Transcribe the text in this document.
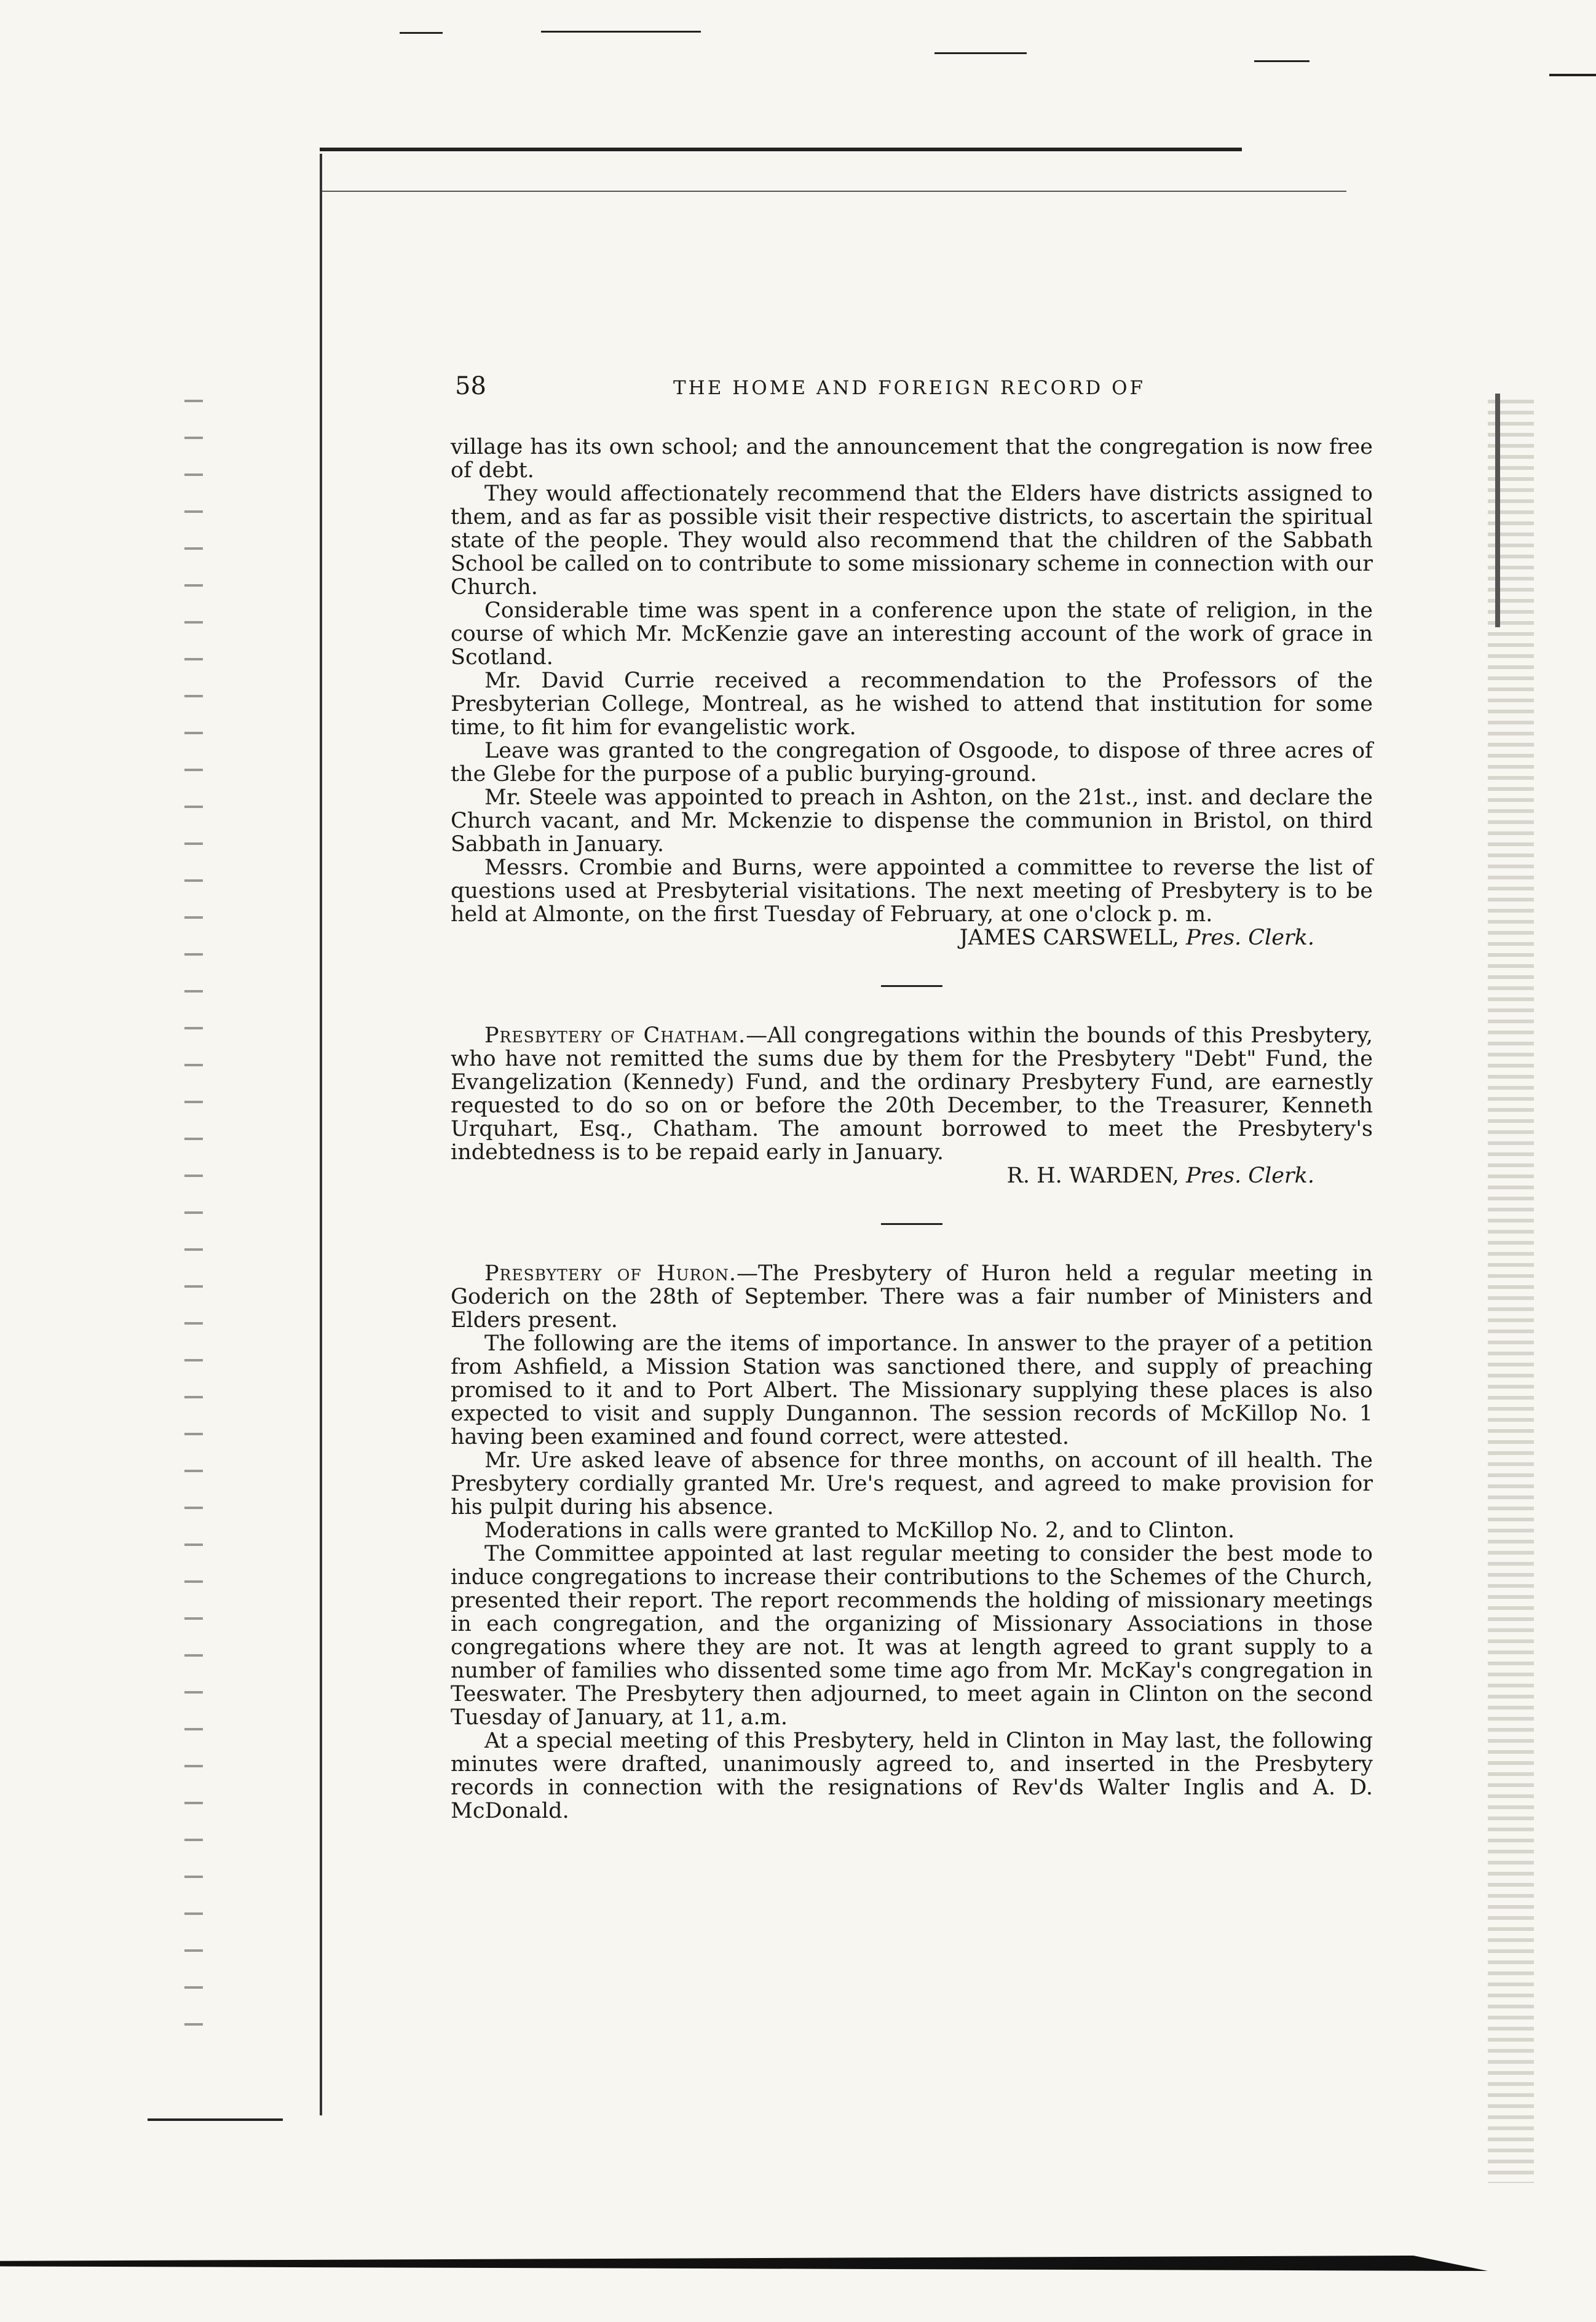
58	THE HOME AND FOREIGN RECORD OF

village has its own school; and the announcement that the congregation is now free of debt.

They would affectionately recommend that the Elders have districts assigned to them, and as far as possible visit their respective districts, to ascertain the spiritual state of the people. They would also recommend that the children of the Sabbath School be called on to contribute to some missionary scheme in connection with our Church.

Considerable time was spent in a conference upon the state of religion, in the course of which Mr. McKenzie gave an interesting account of the work of grace in Scotland.

Mr. David Currie received a recommendation to the Professors of the Presbyterian College, Montreal, as he wished to attend that institution for some time, to fit him for evangelistic work.

Leave was granted to the congregation of Osgoode, to dispose of three acres of the Glebe for the purpose of a public burying-ground.

Mr. Steele was appointed to preach in Ashton, on the 21st., inst. and declare the Church vacant, and Mr. Mckenzie to dispense the communion in Bristol, on third Sabbath in January.

Messrs. Crombie and Burns, were appointed a committee to reverse the list of questions used at Presbyterial visitations. The next meeting of Presbytery is to be held at Almonte, on the first Tuesday of February, at one o'clock p. m.

JAMES CARSWELL, Pres. Clerk.

Presbytery of Chatham.—All congregations within the bounds of this Presbytery, who have not remitted the sums due by them for the Presbytery "Debt" Fund, the Evangelization (Kennedy) Fund, and the ordinary Presbytery Fund, are earnestly requested to do so on or before the 20th December, to the Treasurer, Kenneth Urquhart, Esq., Chatham. The amount borrowed to meet the Presbytery's indebtedness is to be repaid early in January.

R. H. WARDEN, Pres. Clerk.

Presbytery of Huron.—The Presbytery of Huron held a regular meeting in Goderich on the 28th of September. There was a fair number of Ministers and Elders present.

The following are the items of importance. In answer to the prayer of a petition from Ashfield, a Mission Station was sanctioned there, and supply of preaching promised to it and to Port Albert. The Missionary supplying these places is also expected to visit and supply Dungannon. The session records of McKillop No. 1 having been examined and found correct, were attested.

Mr. Ure asked leave of absence for three months, on account of ill health. The Presbytery cordially granted Mr. Ure's request, and agreed to make provision for his pulpit during his absence.

Moderations in calls were granted to McKillop No. 2, and to Clinton.

The Committee appointed at last regular meeting to consider the best mode to induce congregations to increase their contributions to the Schemes of the Church, presented their report. The report recommends the holding of missionary meetings in each congregation, and the organizing of Missionary Associations in those congregations where they are not. It was at length agreed to grant supply to a number of families who dissented some time ago from Mr. McKay's congregation in Teeswater. The Presbytery then adjourned, to meet again in Clinton on the second Tuesday of January, at 11, a.m.

At a special meeting of this Presbytery, held in Clinton in May last, the following minutes were drafted, unanimously agreed to, and inserted in the Presbytery records in connection with the resignations of Rev'ds Walter Inglis and A. D. McDonald.
